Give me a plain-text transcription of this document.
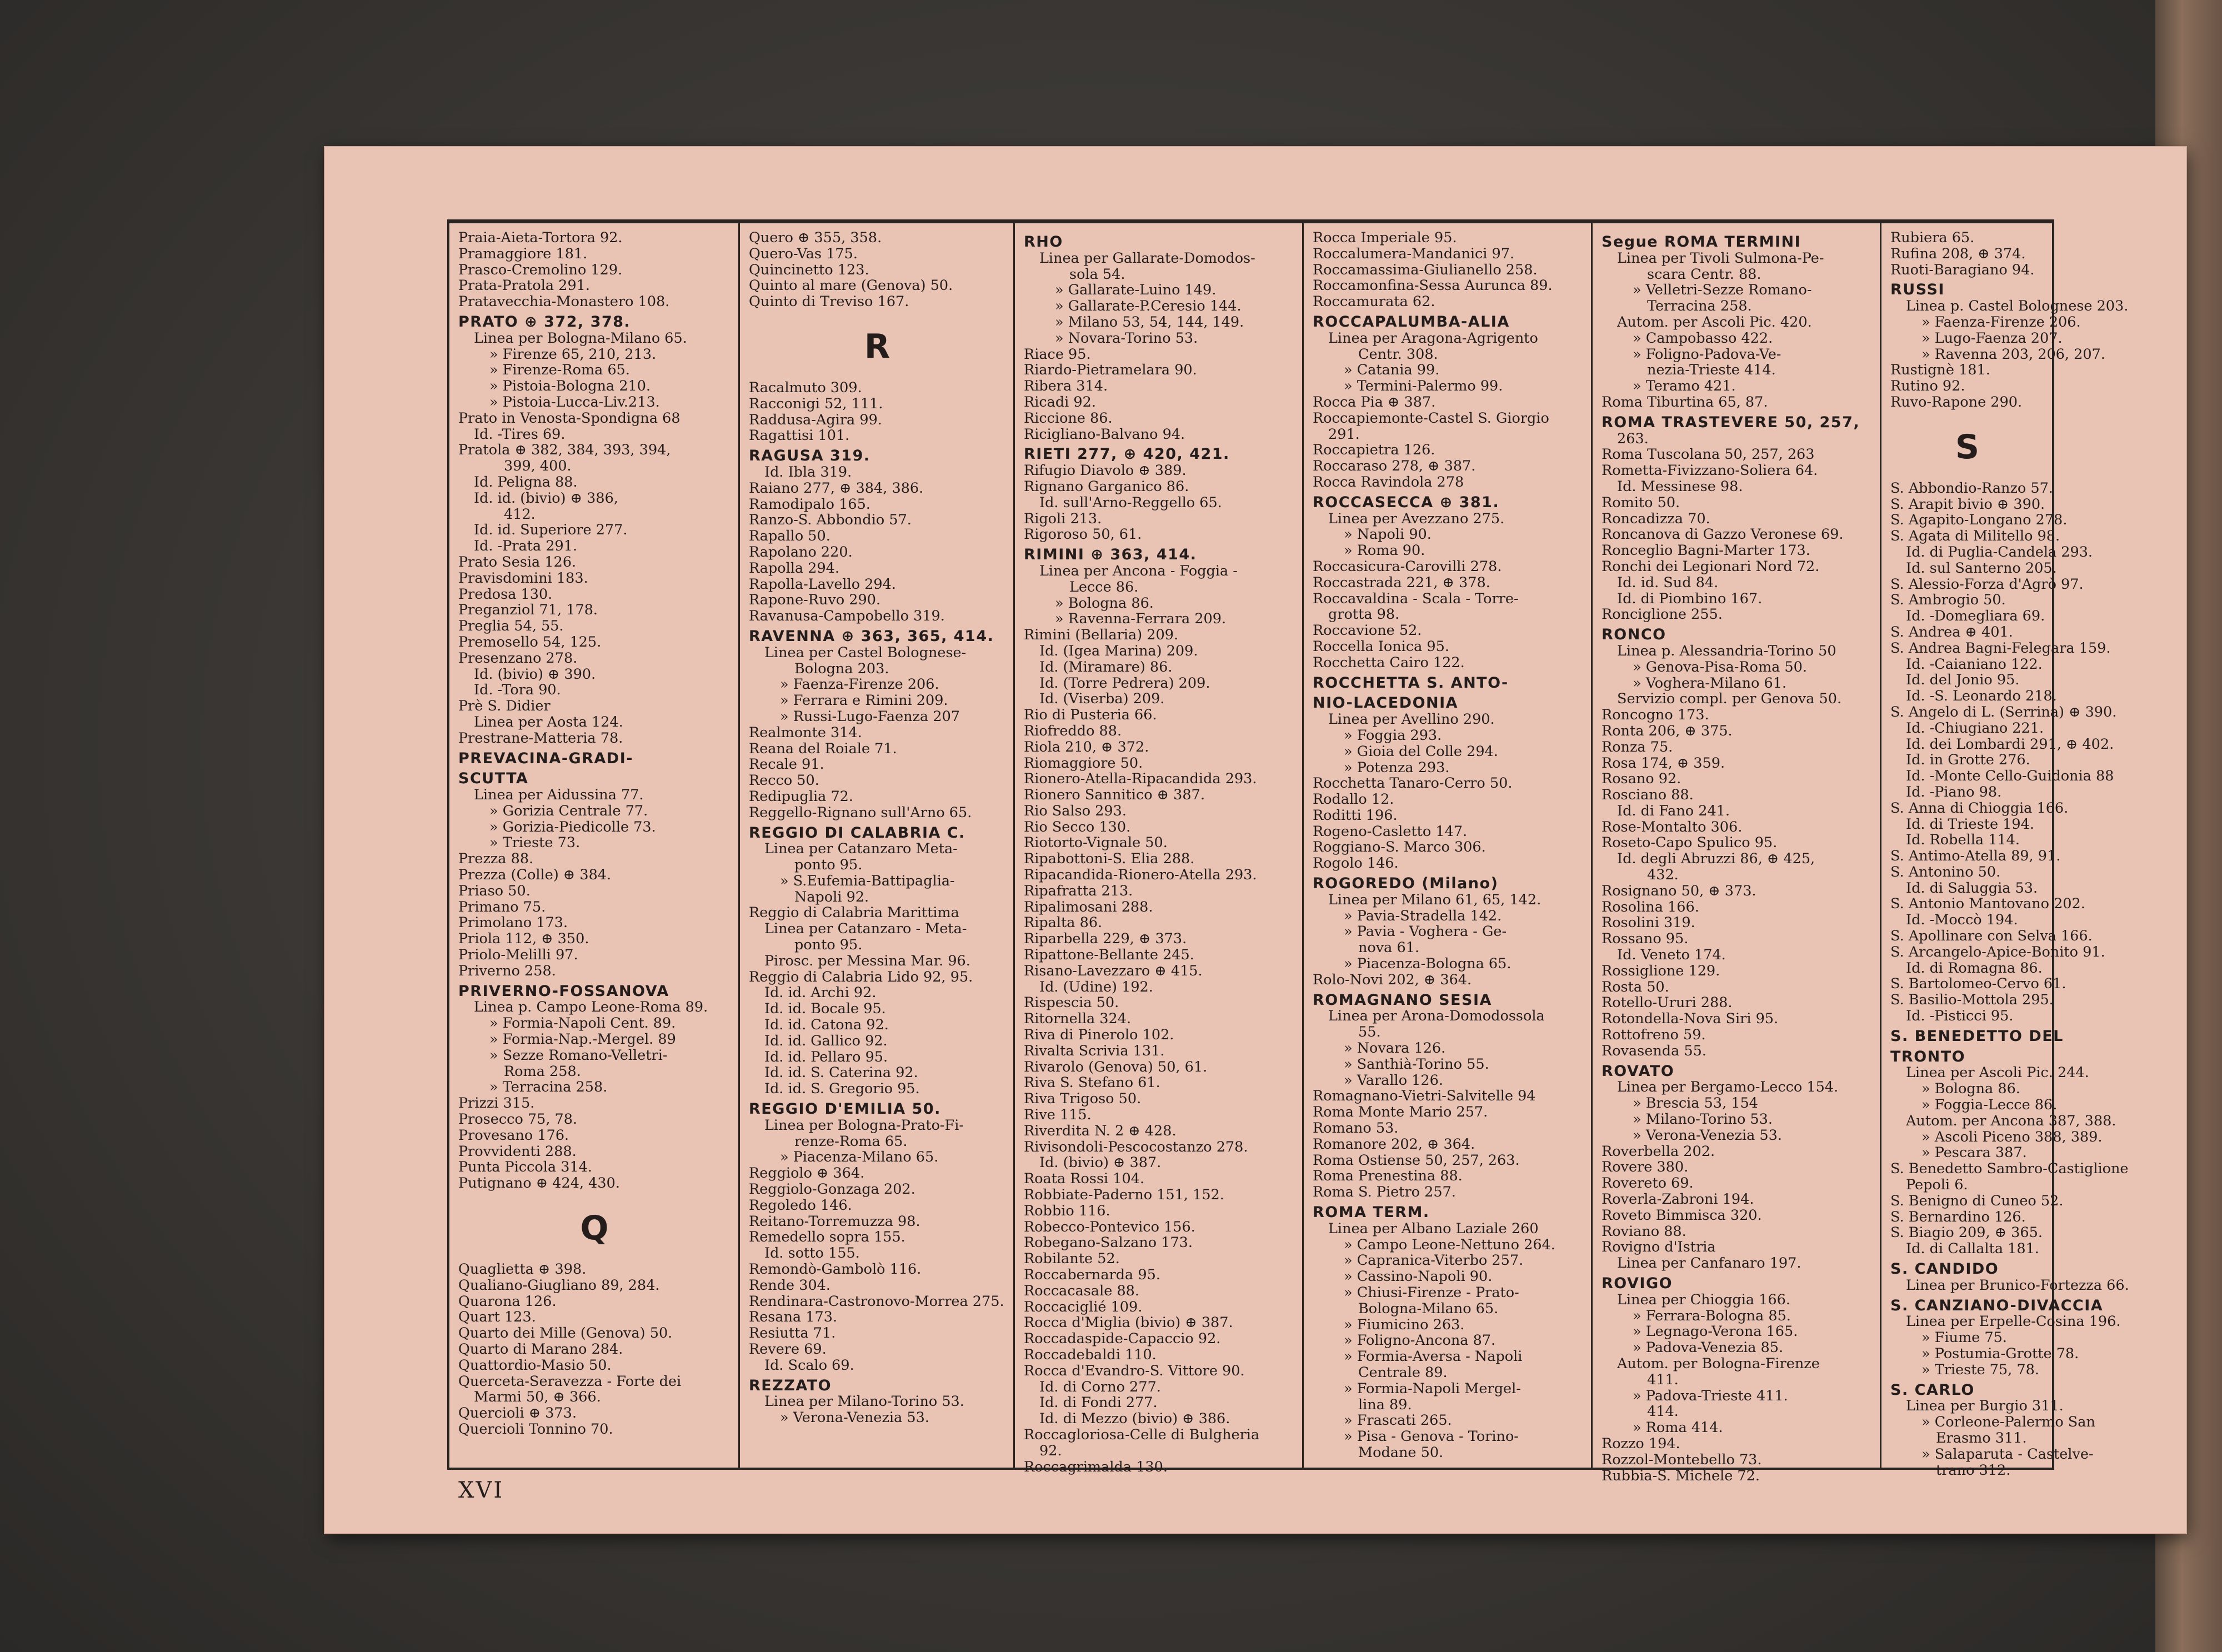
Praia-Aieta-Tortora 92.
Pramaggiore 181.
Prasco-Cremolino 129.
Prata-Pratola 291.
Pratavecchia-Monastero 108.
PRATO ⊕ 372, 378.
Linea per Bologna-Milano 65.
» Firenze 65, 210, 213.
» Firenze-Roma 65.
» Pistoia-Bologna 210.
» Pistoia-Lucca-Liv.213.
Prato in Venosta-Spondigna 68
Id. -Tires 69.
Pratola ⊕ 382, 384, 393, 394,
399, 400.
Id. Peligna 88.
Id. id. (bivio) ⊕ 386,
412.
Id. id. Superiore 277.
Id. -Prata 291.
Prato Sesia 126.
Pravisdomini 183.
Predosa 130.
Preganziol 71, 178.
Preglia 54, 55.
Premosello 54, 125.
Presenzano 278.
Id. (bivio) ⊕ 390.
Id. -Tora 90.
Prè S. Didier
Linea per Aosta 124.
Prestrane-Matteria 78.
PREVACINA-GRADI-
SCUTTA
Linea per Aidussina 77.
» Gorizia Centrale 77.
» Gorizia-Piedicolle 73.
» Trieste 73.
Prezza 88.
Prezza (Colle) ⊕ 384.
Priaso 50.
Primano 75.
Primolano 173.
Priola 112, ⊕ 350.
Priolo-Melilli 97.
Priverno 258.
PRIVERNO-FOSSANOVA
Linea p. Campo Leone-Roma 89.
» Formia-Napoli Cent. 89.
» Formia-Nap.-Mergel. 89
» Sezze Romano-Velletri-
Roma 258.
» Terracina 258.
Prizzi 315.
Prosecco 75, 78.
Provesano 176.
Provvidenti 288.
Punta Piccola 314.
Putignano ⊕ 424, 430.
Q
Quaglietta ⊕ 398.
Qualiano-Giugliano 89, 284.
Quarona 126.
Quart 123.
Quarto dei Mille (Genova) 50.
Quarto di Marano 284.
Quattordio-Masio 50.
Querceta-Seravezza - Forte dei
Marmi 50, ⊕ 366.
Quercioli ⊕ 373.
Quercioli Tonnino 70.
Quero ⊕ 355, 358.
Quero-Vas 175.
Quincinetto 123.
Quinto al mare (Genova) 50.
Quinto di Treviso 167.
R
Racalmuto 309.
Racconigi 52, 111.
Raddusa-Agira 99.
Ragattisi 101.
RAGUSA 319.
Id. Ibla 319.
Raiano 277, ⊕ 384, 386.
Ramodipalo 165.
Ranzo-S. Abbondio 57.
Rapallo 50.
Rapolano 220.
Rapolla 294.
Rapolla-Lavello 294.
Rapone-Ruvo 290.
Ravanusa-Campobello 319.
RAVENNA ⊕ 363, 365, 414.
Linea per Castel Bolognese-
Bologna 203.
» Faenza-Firenze 206.
» Ferrara e Rimini 209.
» Russi-Lugo-Faenza 207
Realmonte 314.
Reana del Roiale 71.
Recale 91.
Recco 50.
Redipuglia 72.
Reggello-Rignano sull'Arno 65.
REGGIO DI CALABRIA C.
Linea per Catanzaro Meta-
ponto 95.
» S.Eufemia-Battipaglia-
Napoli 92.
Reggio di Calabria Marittima
Linea per Catanzaro - Meta-
ponto 95.
Pirosc. per Messina Mar. 96.
Reggio di Calabria Lido 92, 95.
Id. id. Archi 92.
Id. id. Bocale 95.
Id. id. Catona 92.
Id. id. Gallico 92.
Id. id. Pellaro 95.
Id. id. S. Caterina 92.
Id. id. S. Gregorio 95.
REGGIO D'EMILIA 50.
Linea per Bologna-Prato-Fi-
renze-Roma 65.
» Piacenza-Milano 65.
Reggiolo ⊕ 364.
Reggiolo-Gonzaga 202.
Regoledo 146.
Reitano-Torremuzza 98.
Remedello sopra 155.
Id. sotto 155.
Remondò-Gambolò 116.
Rende 304.
Rendinara-Castronovo-Morrea 275.
Resana 173.
Resiutta 71.
Revere 69.
Id. Scalo 69.
REZZATO
Linea per Milano-Torino 53.
» Verona-Venezia 53.
RHO
Linea per Gallarate-Domodos-
sola 54.
» Gallarate-Luino 149.
» Gallarate-P.Ceresio 144.
» Milano 53, 54, 144, 149.
» Novara-Torino 53.
Riace 95.
Riardo-Pietramelara 90.
Ribera 314.
Ricadi 92.
Riccione 86.
Ricigliano-Balvano 94.
RIETI 277, ⊕ 420, 421.
Rifugio Diavolo ⊕ 389.
Rignano Garganico 86.
Id. sull'Arno-Reggello 65.
Rigoli 213.
Rigoroso 50, 61.
RIMINI ⊕ 363, 414.
Linea per Ancona - Foggia -
Lecce 86.
» Bologna 86.
» Ravenna-Ferrara 209.
Rimini (Bellaria) 209.
Id. (Igea Marina) 209.
Id. (Miramare) 86.
Id. (Torre Pedrera) 209.
Id. (Viserba) 209.
Rio di Pusteria 66.
Riofreddo 88.
Riola 210, ⊕ 372.
Riomaggiore 50.
Rionero-Atella-Ripacandida 293.
Rionero Sannitico ⊕ 387.
Rio Salso 293.
Rio Secco 130.
Riotorto-Vignale 50.
Ripabottoni-S. Elia 288.
Ripacandida-Rionero-Atella 293.
Ripafratta 213.
Ripalimosani 288.
Ripalta 86.
Riparbella 229, ⊕ 373.
Ripattone-Bellante 245.
Risano-Lavezzaro ⊕ 415.
Id. (Udine) 192.
Rispescia 50.
Ritornella 324.
Riva di Pinerolo 102.
Rivalta Scrivia 131.
Rivarolo (Genova) 50, 61.
Riva S. Stefano 61.
Riva Trigoso 50.
Rive 115.
Riverdita N. 2 ⊕ 428.
Rivisondoli-Pescocostanzo 278.
Id. (bivio) ⊕ 387.
Roata Rossi 104.
Robbiate-Paderno 151, 152.
Robbio 116.
Robecco-Pontevico 156.
Robegano-Salzano 173.
Robilante 52.
Roccabernarda 95.
Roccacasale 88.
Roccaciglié 109.
Rocca d'Miglia (bivio) ⊕ 387.
Roccadaspide-Capaccio 92.
Roccadebaldi 110.
Rocca d'Evandro-S. Vittore 90.
Id. di Corno 277.
Id. di Fondi 277.
Id. di Mezzo (bivio) ⊕ 386.
Roccagloriosa-Celle di Bulgheria
92.
Roccagrimalda 130.
Rocca Imperiale 95.
Roccalumera-Mandanici 97.
Roccamassima-Giulianello 258.
Roccamonfina-Sessa Aurunca 89.
Roccamurata 62.
ROCCAPALUMBA-ALIA
Linea per Aragona-Agrigento
Centr. 308.
» Catania 99.
» Termini-Palermo 99.
Rocca Pia ⊕ 387.
Roccapiemonte-Castel S. Giorgio
291.
Roccapietra 126.
Roccaraso 278, ⊕ 387.
Rocca Ravindola 278
ROCCASECCA ⊕ 381.
Linea per Avezzano 275.
» Napoli 90.
» Roma 90.
Roccasicura-Carovilli 278.
Roccastrada 221, ⊕ 378.
Roccavaldina - Scala - Torre-
grotta 98.
Roccavione 52.
Roccella Ionica 95.
Rocchetta Cairo 122.
ROCCHETTA S. ANTO-
NIO-LACEDONIA
Linea per Avellino 290.
» Foggia 293.
» Gioia del Colle 294.
» Potenza 293.
Rocchetta Tanaro-Cerro 50.
Rodallo 12.
Roditti 196.
Rogeno-Casletto 147.
Roggiano-S. Marco 306.
Rogolo 146.
ROGOREDO (Milano)
Linea per Milano 61, 65, 142.
» Pavia-Stradella 142.
» Pavia - Voghera - Ge-
nova 61.
» Piacenza-Bologna 65.
Rolo-Novi 202, ⊕ 364.
ROMAGNANO SESIA
Linea per Arona-Domodossola
55.
» Novara 126.
» Santhià-Torino 55.
» Varallo 126.
Romagnano-Vietri-Salvitelle 94
Roma Monte Mario 257.
Romano 53.
Romanore 202, ⊕ 364.
Roma Ostiense 50, 257, 263.
Roma Prenestina 88.
Roma S. Pietro 257.
ROMA TERM.
Linea per Albano Laziale 260
» Campo Leone-Nettuno 264.
» Capranica-Viterbo 257.
» Cassino-Napoli 90.
» Chiusi-Firenze - Prato-
Bologna-Milano 65.
» Fiumicino 263.
» Foligno-Ancona 87.
» Formia-Aversa - Napoli
Centrale 89.
» Formia-Napoli Mergel-
lina 89.
» Frascati 265.
» Pisa - Genova - Torino-
Modane 50.
Segue ROMA TERMINI
Linea per Tivoli Sulmona-Pe-
scara Centr. 88.
» Velletri-Sezze Romano-
Terracina 258.
Autom. per Ascoli Pic. 420.
» Campobasso 422.
» Foligno-Padova-Ve-
nezia-Trieste 414.
» Teramo 421.
Roma Tiburtina 65, 87.
ROMA TRASTEVERE 50, 257,
263.
Roma Tuscolana 50, 257, 263
Rometta-Fivizzano-Soliera 64.
Id. Messinese 98.
Romito 50.
Roncadizza 70.
Roncanova di Gazzo Veronese 69.
Ronceglio Bagni-Marter 173.
Ronchi dei Legionari Nord 72.
Id. id. Sud 84.
Id. di Piombino 167.
Ronciglione 255.
RONCO
Linea p. Alessandria-Torino 50
» Genova-Pisa-Roma 50.
» Voghera-Milano 61.
Servizio compl. per Genova 50.
Roncogno 173.
Ronta 206, ⊕ 375.
Ronza 75.
Rosa 174, ⊕ 359.
Rosano 92.
Rosciano 88.
Id. di Fano 241.
Rose-Montalto 306.
Roseto-Capo Spulico 95.
Id. degli Abruzzi 86, ⊕ 425,
432.
Rosignano 50, ⊕ 373.
Rosolina 166.
Rosolini 319.
Rossano 95.
Id. Veneto 174.
Rossiglione 129.
Rosta 50.
Rotello-Ururi 288.
Rotondella-Nova Siri 95.
Rottofreno 59.
Rovasenda 55.
ROVATO
Linea per Bergamo-Lecco 154.
» Brescia 53, 154
» Milano-Torino 53.
» Verona-Venezia 53.
Roverbella 202.
Rovere 380.
Rovereto 69.
Roverla-Zabroni 194.
Roveto Bimmisca 320.
Roviano 88.
Rovigno d'Istria
Linea per Canfanaro 197.
ROVIGO
Linea per Chioggia 166.
» Ferrara-Bologna 85.
» Legnago-Verona 165.
» Padova-Venezia 85.
Autom. per Bologna-Firenze
411.
» Padova-Trieste 411.
414.
» Roma 414.
Rozzo 194.
Rozzol-Montebello 73.
Rubbia-S. Michele 72.
Rubiera 65.
Rufina 208, ⊕ 374.
Ruoti-Baragiano 94.
RUSSI
Linea p. Castel Bolognese 203.
» Faenza-Firenze 206.
» Lugo-Faenza 207.
» Ravenna 203, 206, 207.
Rustignè 181.
Rutino 92.
Ruvo-Rapone 290.
S
S. Abbondio-Ranzo 57.
S. Arapit bivio ⊕ 390.
S. Agapito-Longano 278.
S. Agata di Militello 98.
Id. di Puglia-Candela 293.
Id. sul Santerno 205.
S. Alessio-Forza d'Agrò 97.
S. Ambrogio 50.
Id. -Domegliara 69.
S. Andrea ⊕ 401.
S. Andrea Bagni-Felegara 159.
Id. -Caianiano 122.
Id. del Jonio 95.
Id. -S. Leonardo 218.
S. Angelo di L. (Serrina) ⊕ 390.
Id. -Chiugiano 221.
Id. dei Lombardi 291, ⊕ 402.
Id. in Grotte 276.
Id. -Monte Cello-Guidonia 88
Id. -Piano 98.
S. Anna di Chioggia 166.
Id. di Trieste 194.
Id. Robella 114.
S. Antimo-Atella 89, 91.
S. Antonino 50.
Id. di Saluggia 53.
S. Antonio Mantovano 202.
Id. -Moccò 194.
S. Apollinare con Selva 166.
S. Arcangelo-Apice-Bonito 91.
Id. di Romagna 86.
S. Bartolomeo-Cervo 61.
S. Basilio-Mottola 295.
Id. -Pisticci 95.
S. BENEDETTO DEL
TRONTO
Linea per Ascoli Pic. 244.
» Bologna 86.
» Foggia-Lecce 86.
Autom. per Ancona 387, 388.
» Ascoli Piceno 388, 389.
» Pescara 387.
S. Benedetto Sambro-Castiglione
Pepoli 6.
S. Benigno di Cuneo 52.
S. Bernardino 126.
S. Biagio 209, ⊕ 365.
Id. di Callalta 181.
S. CANDIDO
Linea per Brunico-Fortezza 66.
S. CANZIANO-DIVACCIA
Linea per Erpelle-Cosina 196.
» Fiume 75.
» Postumia-Grotte 78.
» Trieste 75, 78.
S. CARLO
Linea per Burgio 311.
» Corleone-Palermo San
Erasmo 311.
» Salaparuta - Castelve-
trano 312.
XVI
